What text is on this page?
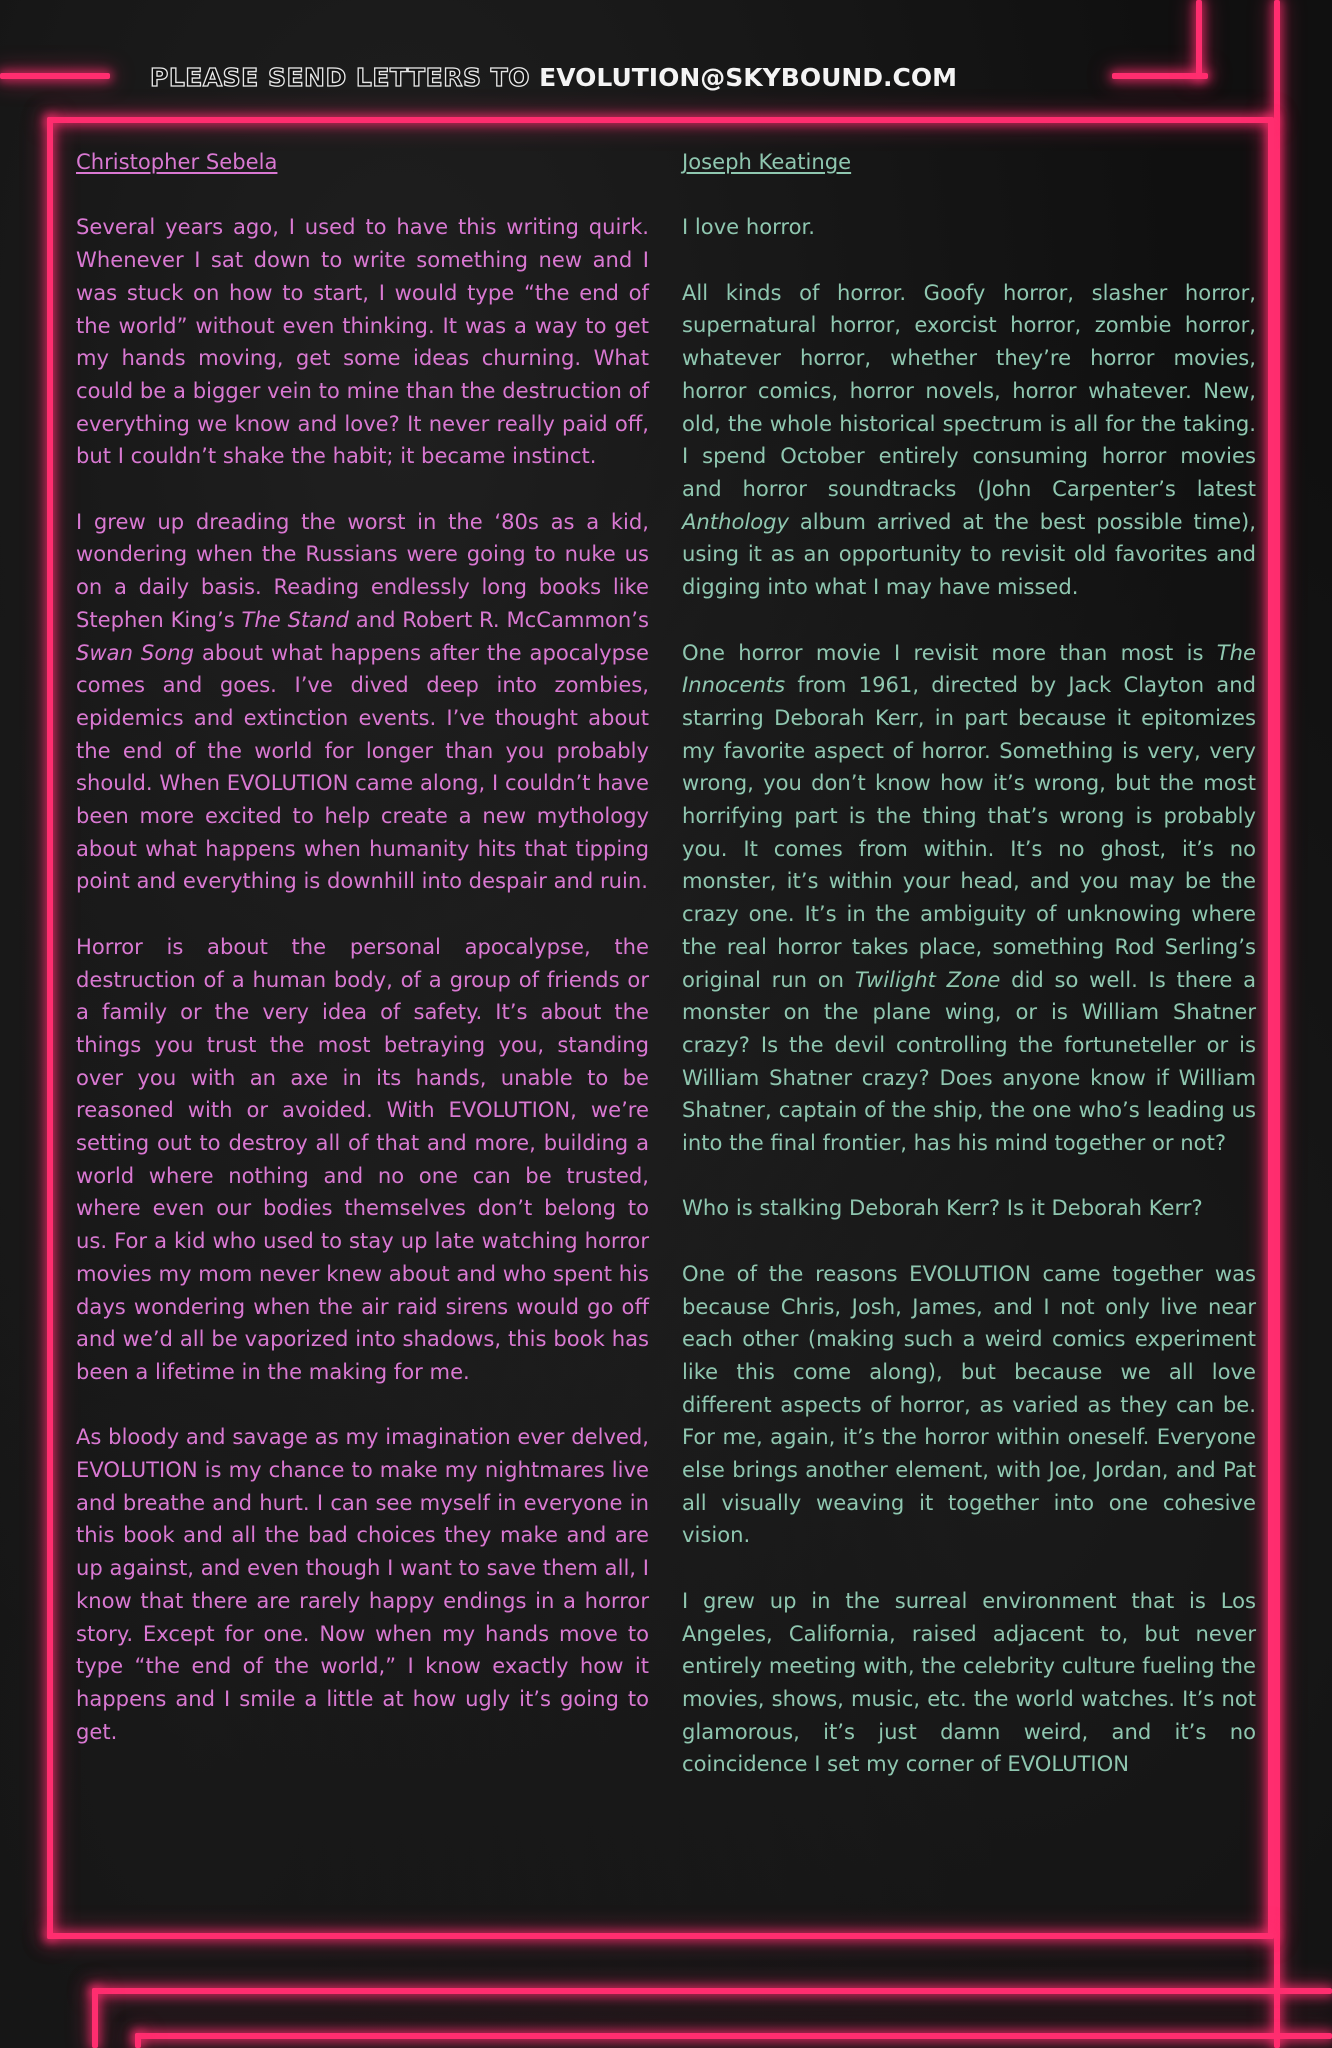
PLEASE SEND LETTERS TO EVOLUTION@SKYBOUND.COM
Christopher Sebela

Several years ago, I used to have this writing quirk. Whenever I sat down to write something new and I was stuck on how to start, I would type “the end of the world” without even thinking. It was a way to get my hands moving, get some ideas churning. What could be a bigger vein to mine than the destruction of everything we know and love? It never really paid off, but I couldn’t shake the habit; it became instinct.

I grew up dreading the worst in the ‘80s as a kid, wondering when the Russians were going to nuke us on a daily basis. Reading endlessly long books like Stephen King’s The Stand and Robert R. McCammon’s Swan Song about what happens after the apocalypse comes and goes. I’ve dived deep into zombies, epidemics and extinction events. I’ve thought about the end of the world for longer than you probably should. When EVOLUTION came along, I couldn’t have been more excited to help create a new mythology about what happens when humanity hits that tipping point and everything is downhill into despair and ruin.

Horror is about the personal apocalypse, the destruction of a human body, of a group of friends or a family or the very idea of safety. It’s about the things you trust the most betraying you, standing over you with an axe in its hands, unable to be reasoned with or avoided. With EVOLUTION, we’re setting out to destroy all of that and more, building a world where nothing and no one can be trusted, where even our bodies themselves don’t belong to us. For a kid who used to stay up late watching horror movies my mom never knew about and who spent his days wondering when the air raid sirens would go off and we’d all be vaporized into shadows, this book has been a lifetime in the making for me.

As bloody and savage as my imagination ever delved, EVOLUTION is my chance to make my nightmares live and breathe and hurt. I can see myself in everyone in this book and all the bad choices they make and are up against, and even though I want to save them all, I know that there are rarely happy endings in a horror story. Except for one. Now when my hands move to type “the end of the world,” I know exactly how it happens and I smile a little at how ugly it’s going to get.

Joseph Keatinge

I love horror.

All kinds of horror. Goofy horror, slasher horror, supernatural horror, exorcist horror, zombie horror, whatever horror, whether they’re horror movies, horror comics, horror novels, horror whatever. New, old, the whole historical spectrum is all for the taking. I spend October entirely consuming horror movies and horror soundtracks (John Carpenter’s latest Anthology album arrived at the best possible time), using it as an opportunity to revisit old favorites and digging into what I may have missed.

One horror movie I revisit more than most is The Innocents from 1961, directed by Jack Clayton and starring Deborah Kerr, in part because it epitomizes my favorite aspect of horror. Something is very, very wrong, you don’t know how it’s wrong, but the most horrifying part is the thing that’s wrong is probably you. It comes from within. It’s no ghost, it’s no monster, it’s within your head, and you may be the crazy one. It’s in the ambiguity of unknowing where the real horror takes place, something Rod Serling’s original run on Twilight Zone did so well. Is there a monster on the plane wing, or is William Shatner crazy? Is the devil controlling the fortuneteller or is William Shatner crazy? Does anyone know if William Shatner, captain of the ship, the one who’s leading us into the final frontier, has his mind together or not?

Who is stalking Deborah Kerr? Is it Deborah Kerr?

One of the reasons EVOLUTION came together was because Chris, Josh, James, and I not only live near each other (making such a weird comics experiment like this come along), but because we all love different aspects of horror, as varied as they can be. For me, again, it’s the horror within oneself. Everyone else brings another element, with Joe, Jordan, and Pat all visually weaving it together into one cohesive vision.

I grew up in the surreal environment that is Los Angeles, California, raised adjacent to, but never entirely meeting with, the celebrity culture fueling the movies, shows, music, etc. the world watches. It’s not glamorous, it’s just damn weird, and it’s no coincidence I set my corner of EVOLUTION
